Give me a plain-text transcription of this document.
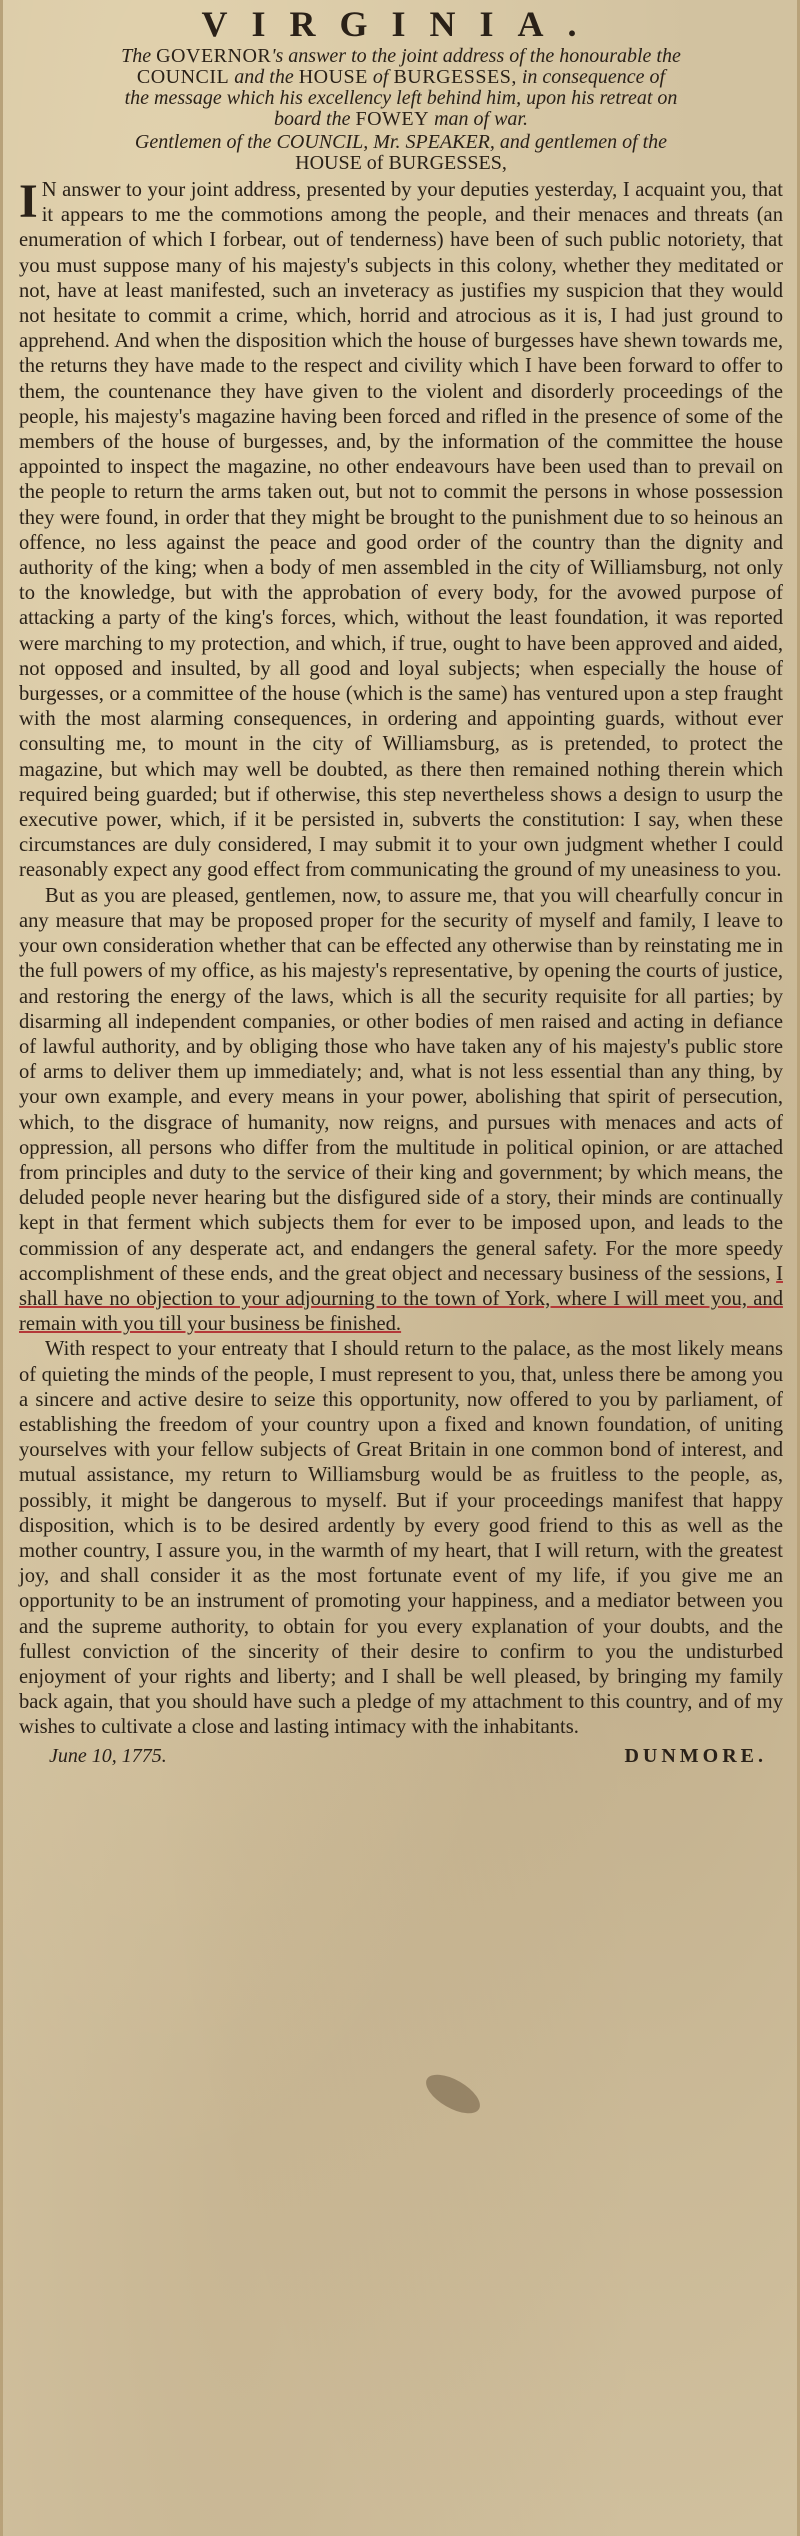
VIRGINIA.

The GOVERNOR's answer to the joint address of the honourable the

COUNCIL and the HOUSE of BURGESSES, in consequence of

the message which his excellency left behind him, upon his retreat on

board the FOWEY man of war.

Gentlemen of the COUNCIL, Mr. SPEAKER, and gentlemen of the
HOUSE of BURGESSES,

I N answer to your joint address, presented by your deputies yesterday, I acquaint you, that it appears to me the commotions among the people, and their menaces and threats (an enumeration of which I forbear, out of tenderness) have been of such public notoriety, that you must suppose many of his majesty's subjects in this colony, whether they meditated or not, have at least manifested, such an inveteracy as justifies my suspicion that they would not hesitate to commit a crime, which, horrid and atrocious as it is, I had just ground to apprehend. And when the disposition which the house of burgesses have shewn towards me, the returns they have made to the respect and civility which I have been forward to offer to them, the countenance they have given to the violent and disorderly proceedings of the people, his majesty's magazine having been forced and rifled in the presence of some of the members of the house of burgesses, and, by the information of the committee the house appointed to inspect the magazine, no other endeavours have been used than to prevail on the people to return the arms taken out, but not to commit the persons in whose possession they were found, in order that they might be brought to the punishment due to so heinous an offence, no less against the peace and good order of the country than the dignity and authority of the king; when a body of men assembled in the city of Williamsburg, not only to the knowledge, but with the approbation of every body, for the avowed purpose of attacking a party of the king's forces, which, without the least foundation, it was reported were marching to my protection, and which, if true, ought to have been approved and aided, not opposed and insulted, by all good and loyal subjects; when especially the house of burgesses, or a committee of the house (which is the same) has ventured upon a step fraught with the most alarming consequences, in ordering and appointing guards, without ever consulting me, to mount in the city of Williamsburg, as is pretended, to protect the magazine, but which may well be doubted, as there then remained nothing therein which required being guarded; but if otherwise, this step nevertheless shows a design to usurp the executive power, which, if it be persisted in, subverts the constitution: I say, when these circumstances are duly considered, I may submit it to your own judgment whether I could reasonably expect any good effect from communicating the ground of my uneasiness to you.

But as you are pleased, gentlemen, now, to assure me, that you will chearfully concur in any measure that may be proposed proper for the security of myself and family, I leave to your own consideration whether that can be effected any otherwise than by reinstating me in the full powers of my office, as his majesty's representative, by opening the courts of justice, and restoring the energy of the laws, which is all the security requisite for all parties; by disarming all independent companies, or other bodies of men raised and acting in defiance of lawful authority, and by obliging those who have taken any of his majesty's public store of arms to deliver them up immediately; and, what is not less essential than any thing, by your own example, and every means in your power, abolishing that spirit of persecution, which, to the disgrace of humanity, now reigns, and pursues with menaces and acts of oppression, all persons who differ from the multitude in political opinion, or are attached from principles and duty to the service of their king and government; by which means, the deluded people never hearing but the disfigured side of a story, their minds are continually kept in that ferment which subjects them for ever to be imposed upon, and leads to the commission of any desperate act, and endangers the general safety. For the more speedy accomplishment of these ends, and the great object and necessary business of the sessions, I shall have no objection to your adjourning to the town of York, where I will meet you, and remain with you till your business be finished.

With respect to your entreaty that I should return to the palace, as the most likely means of quieting the minds of the people, I must represent to you, that, unless there be among you a sincere and active desire to seize this opportunity, now offered to you by parliament, of establishing the freedom of your country upon a fixed and known foundation, of uniting yourselves with your fellow subjects of Great Britain in one common bond of interest, and mutual assistance, my return to Williamsburg would be as fruitless to the people, as, possibly, it might be dangerous to myself. But if your proceedings manifest that happy disposition, which is to be desired ardently by every good friend to this as well as the mother country, I assure you, in the warmth of my heart, that I will return, with the greatest joy, and shall consider it as the most fortunate event of my life, if you give me an opportunity to be an instrument of promoting your happiness, and a mediator between you and the supreme authority, to obtain for you every explanation of your doubts, and the fullest conviction of the sincerity of their desire to confirm to you the undisturbed enjoyment of your rights and liberty; and I shall be well pleased, by bringing my family back again, that you should have such a pledge of my attachment to this country, and of my wishes to cultivate a close and lasting intimacy with the inhabitants.

June 10, 1775.	DUNMORE.
